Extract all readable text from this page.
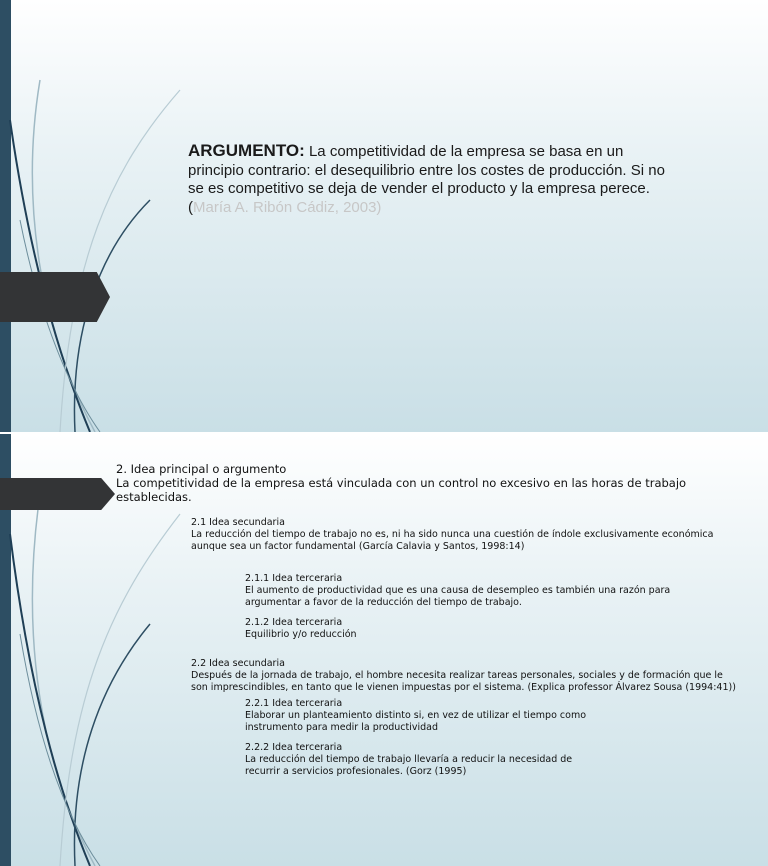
ARGUMENTO: La competitividad de la empresa se basa en un principio contrario: el desequilibrio entre los costes de producción. Si no se es competitivo se deja de vender el producto y la empresa perece. (María A. Ribón Cádiz, 2003)
2. Idea principal o argumento
La competitividad de la empresa está vinculada con un control no excesivo en las horas de trabajo
establecidas.
2.1 Idea secundaria
La reducción del tiempo de trabajo no es, ni ha sido nunca una cuestión de índole exclusivamente económica
aunque sea un factor fundamental (García Calavia y Santos, 1998:14)
2.1.1 Idea terceraria
El aumento de productividad que es una causa de desempleo es también una razón para
argumentar a favor de la reducción del tiempo de trabajo.
2.1.2 Idea terceraria
Equilibrio y/o reducción
2.2 Idea secundaria
Después de la jornada de trabajo, el hombre necesita realizar tareas personales, sociales y de formación que le
son imprescindibles, en tanto que le vienen impuestas por el sistema. (Explica professor Álvarez Sousa (1994:41))
2.2.1 Idea terceraria
Elaborar un planteamiento distinto si, en vez de utilizar el tiempo como
instrumento para medir la productividad
2.2.2 Idea terceraria
La reducción del tiempo de trabajo llevaría a reducir la necesidad de
recurrir a servicios profesionales. (Gorz (1995)
